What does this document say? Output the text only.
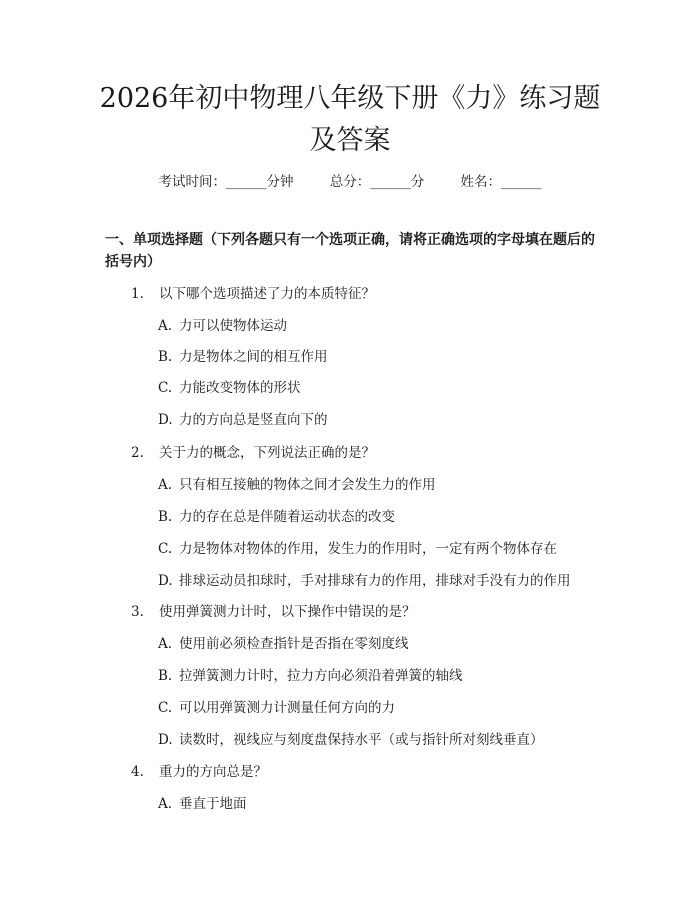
2026年初中物理八年级下册《力》练习题及答案
考试时间：______分钟	总分：______分	姓名：______
一、单项选择题（下列各题只有一个选项正确，请将正确选项的字母填在题后的括号内）
1. 以下哪个选项描述了力的本质特征？
A. 力可以使物体运动
B. 力是物体之间的相互作用
C. 力能改变物体的形状
D. 力的方向总是竖直向下的
2. 关于力的概念，下列说法正确的是？
A. 只有相互接触的物体之间才会发生力的作用
B. 力的存在总是伴随着运动状态的改变
C. 力是物体对物体的作用，发生力的作用时，一定有两个物体存在
D. 排球运动员扣球时，手对排球有力的作用，排球对手没有力的作用
3. 使用弹簧测力计时，以下操作中错误的是？
A. 使用前必须检查指针是否指在零刻度线
B. 拉弹簧测力计时，拉力方向必须沿着弹簧的轴线
C. 可以用弹簧测力计测量任何方向的力
D. 读数时，视线应与刻度盘保持水平（或与指针所对刻线垂直）
4. 重力的方向总是？
A. 垂直于地面
